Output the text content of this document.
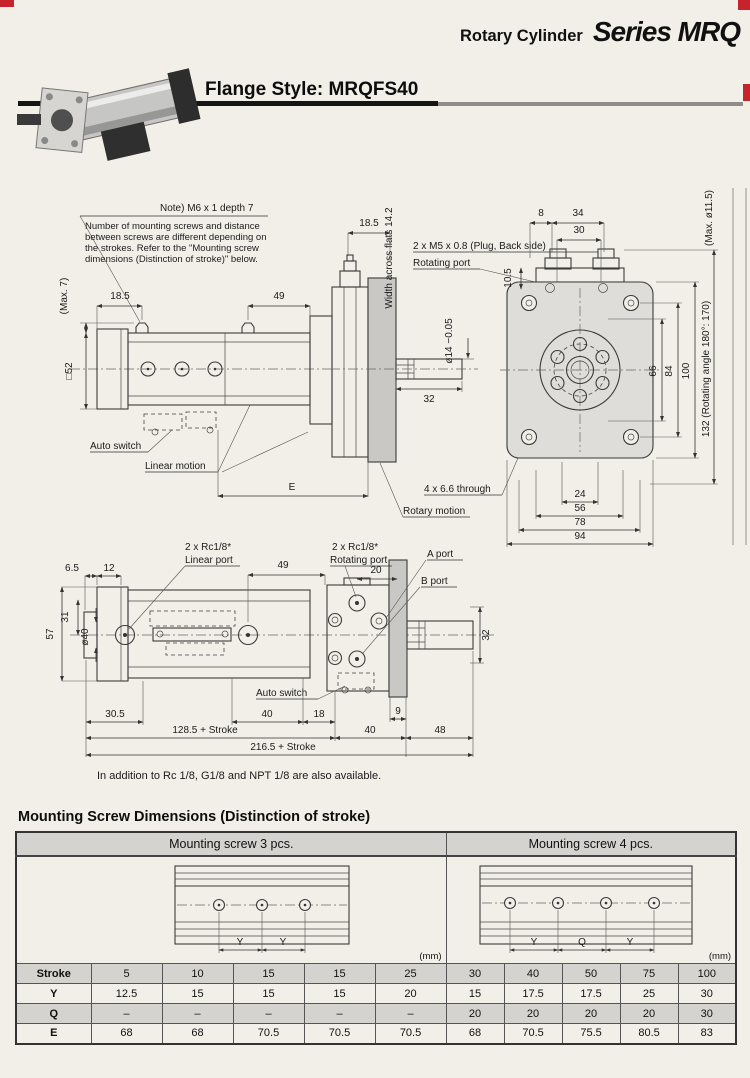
Rotary Cylinder Series MRQ
Flange Style: MRQFS40
Note) M6 x 1 depth 7
Number of mounting screws and distance
between screws are different depending on
the strokes. Refer to the "Mounting screw
dimensions (Distinction of stroke)" below.
(Max. 7)	18.5	49
□52
Auto switch
Linear motion
E
Width across flats 14.2
18.5
2 x M5 x 0.8 (Plug, Back side)
Rotating port
ø14 −0.05
32
4 x 6.6 through
Rotary motion
8	34
30
10.5
(Max. ø11.5)
66 84 100 132 (Rotating angle 180°: 170)
24
56
78
94
2 x Rc1/8*
Linear port	49
2 x Rc1/8*
Rotating port
20
A port
B port
6.5 12
31
57 ø40	32
Auto switch
30.5	40	18	9
128.5 + Stroke	40	48
216.5 + Stroke
In addition to Rc 1/8, G1/8 and NPT 1/8 are also available.
Mounting Screw Dimensions (Distinction of stroke)
Mounting screw 3 pcs.						Mounting screw 4 pcs.				

Y Y
(mm)						Y Q Y
(mm)				

Stroke	5	10	15	15	25	30	40	50	75	100
Y	12.5	15	15	15	20	15	17.5	17.5	25	30
Q	–	–	–	–	–	20	20	20	20	30
E	68	68	70.5	70.5	70.5	68	70.5	75.5	80.5	83
